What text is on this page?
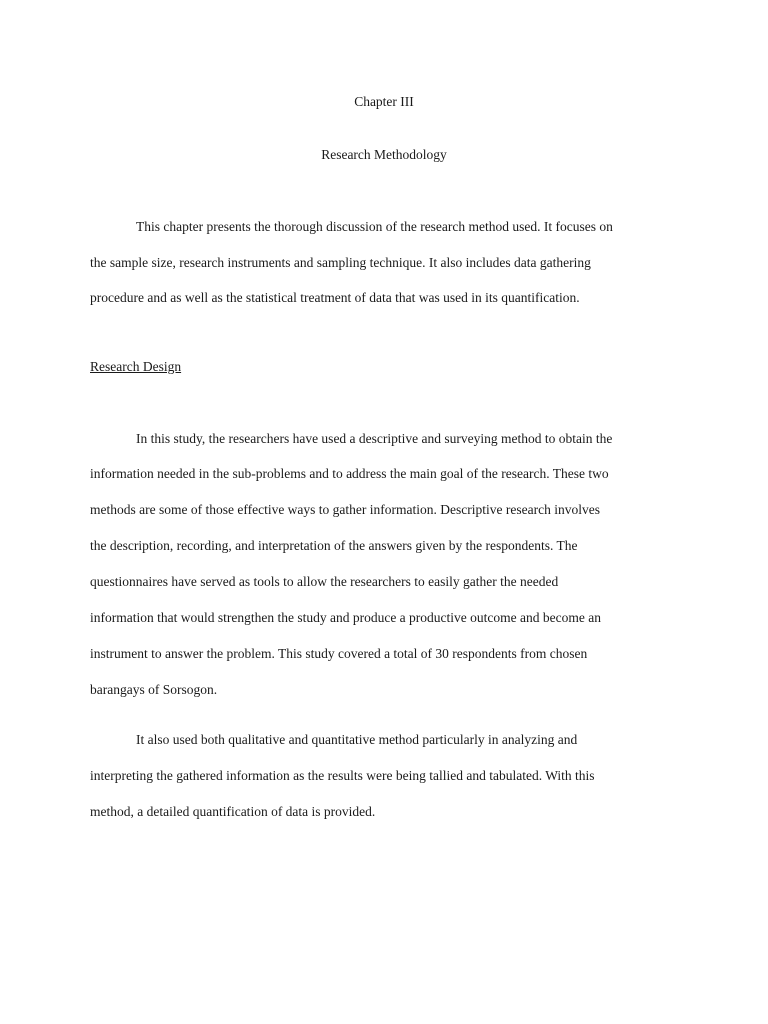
Chapter III
Research Methodology
This chapter presents the thorough discussion of the research method used. It focuses on
the sample size, research instruments and sampling technique. It also includes data gathering
procedure and as well as the statistical treatment of data that was used in its quantification.
Research Design
In this study, the researchers have used a descriptive and surveying method to obtain the
information needed in the sub-problems and to address the main goal of the research. These two
methods are some of those effective ways to gather information. Descriptive research involves
the description, recording, and interpretation of the answers given by the respondents. The
questionnaires have served as tools to allow the researchers to easily gather the needed
information that would strengthen the study and produce a productive outcome and become an
instrument to answer the problem. This study covered a total of 30 respondents from chosen
barangays of Sorsogon.
It also used both qualitative and quantitative method particularly in analyzing and
interpreting the gathered information as the results were being tallied and tabulated. With this
method, a detailed quantification of data is provided.
